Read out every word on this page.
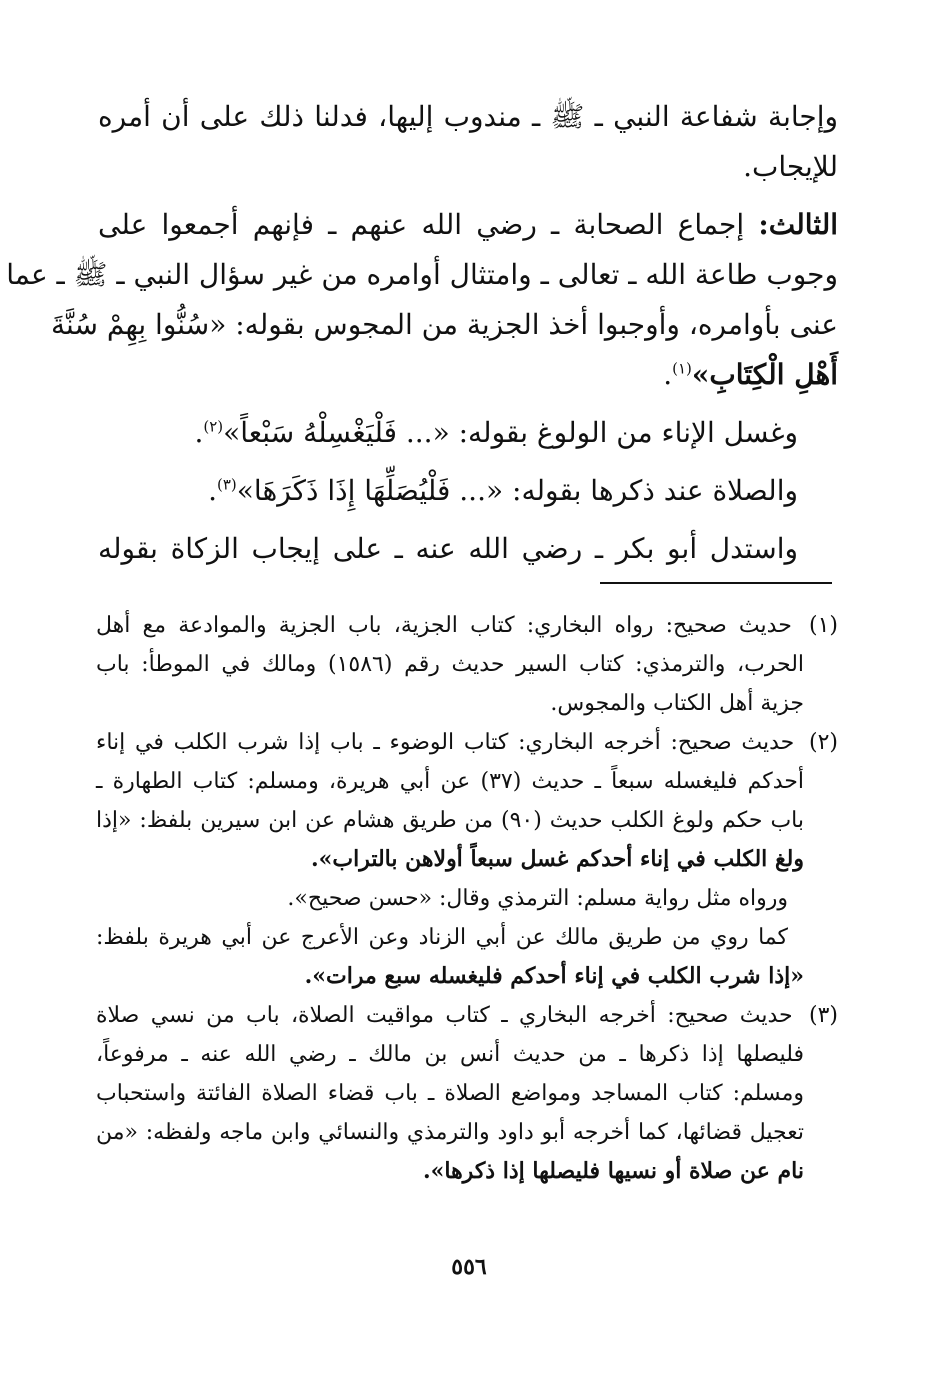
وإجابة شفاعة النبي ـ ﷺ ـ مندوب إليها، فدلنا ذلك على أن أمره
للإيجاب.
الثالث: إجماع الصحابة ـ رضي الله عنهم ـ فإنهم أجمعوا على
وجوب طاعة الله ـ تعالى ـ وامتثال أوامره من غير سؤال النبي ـ ﷺ ـ عما
عنى بأوامره، وأوجبوا أخذ الجزية من المجوس بقوله: «سُنُّوا بِهِمْ سُنَّةَ
أَهْلِ الْكِتَابِ»$^{(١)}$.
وغسل الإناء من الولوغ بقوله: «... فَلْيَغْسِلْهُ سَبْعاً»$^{(٢)}$.
والصلاة عند ذكرها بقوله: «... فَلْيُصَلِّهَا إِذَا ذَكَرَهَا»$^{(٣)}$.
واستدل أبو بكر ـ رضي الله عنه ـ على إيجاب الزكاة بقوله
(١) حديث صحيح: رواه البخاري: كتاب الجزية، باب الجزية والموادعة مع أهل
الحرب، والترمذي: كتاب السير حديث رقم (١٥٨٦) ومالك في الموطأ: باب
جزية أهل الكتاب والمجوس.
(٢) حديث صحيح: أخرجه البخاري: كتاب الوضوء ـ باب إذا شرب الكلب في إناء
أحدكم فليغسله سبعاً ـ حديث (٣٧) عن أبي هريرة، ومسلم: كتاب الطهارة ـ
باب حكم ولوغ الكلب حديث (٩٠) من طريق هشام عن ابن سيرين بلفظ: «إذا
ولغ الكلب في إناء أحدكم غسل سبعاً أولاهن بالتراب».
ورواه مثل رواية مسلم: الترمذي وقال: «حسن صحيح».
كما روي من طريق مالك عن أبي الزناد وعن الأعرج عن أبي هريرة بلفظ:
«إذا شرب الكلب في إناء أحدكم فليغسله سبع مرات».
(٣) حديث صحيح: أخرجه البخاري ـ كتاب مواقيت الصلاة، باب من نسي صلاة
فليصلها إذا ذكرها ـ من حديث أنس بن مالك ـ رضي الله عنه ـ مرفوعاً،
ومسلم: كتاب المساجد ومواضع الصلاة ـ باب قضاء الصلاة الفائتة واستحباب
تعجيل قضائها، كما أخرجه أبو داود والترمذي والنسائي وابن ماجه ولفظه: «من
نام عن صلاة أو نسيها فليصلها إذا ذكرها».
٥٥٦
